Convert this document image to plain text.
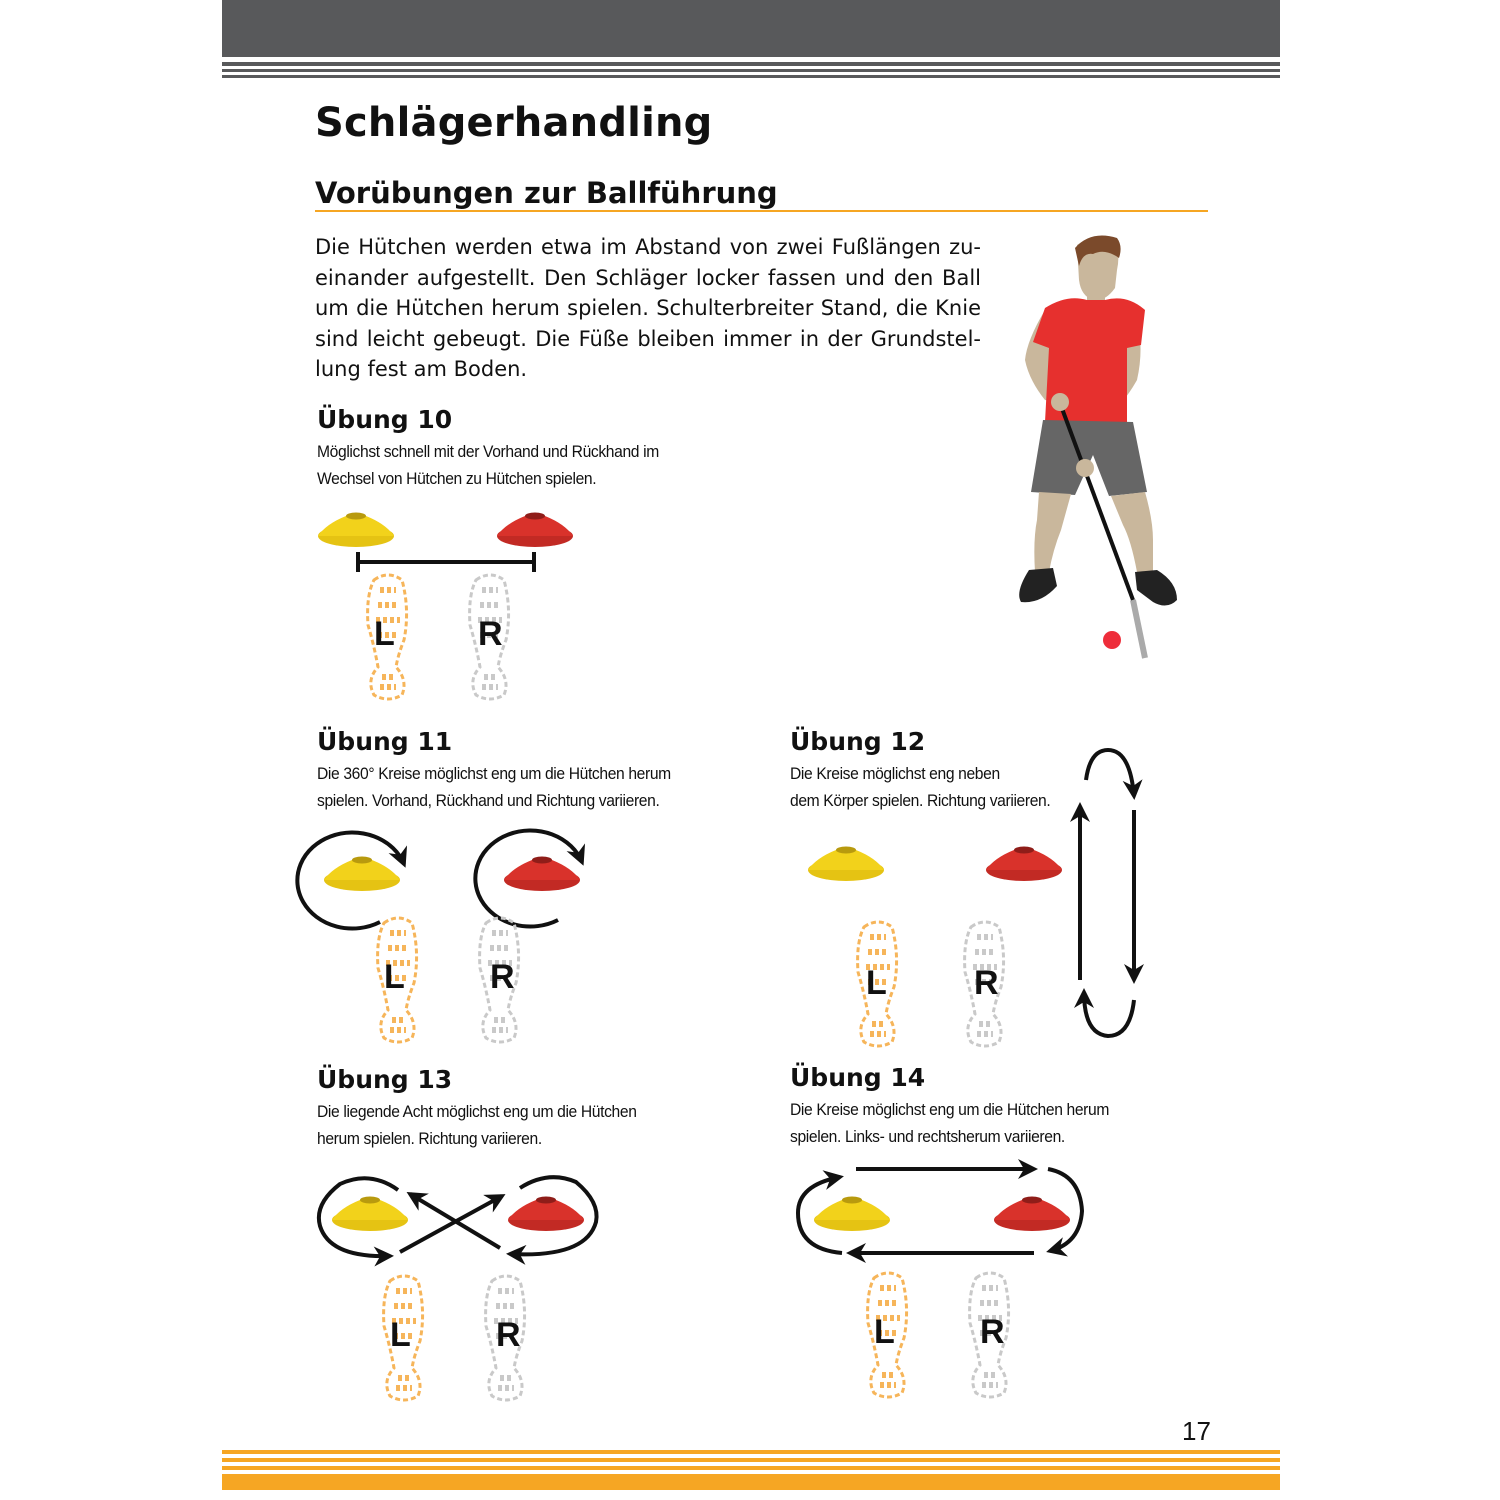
Schlägerhandling
Vorübungen zur Ballführung

Die Hütchen werden etwa im Abstand von zwei Fußlängen zu-einander aufgestellt. Den Schläger locker fassen und den Ball um die Hütchen herum spielen. Schulterbreiter Stand, die Knie sind leicht gebeugt. Die Füße bleiben immer in der Grundstel-lung fest am Boden.

Übung 10
Möglichst schnell mit der Vorhand und Rückhand im
Wechsel von Hütchen zu Hütchen spielen.
Übung 11
Die 360° Kreise möglichst eng um die Hütchen herum
spielen. Vorhand, Rückhand und Richtung variieren.
Übung 12
Die Kreise möglichst eng neben
dem Körper spielen. Richtung variieren.
Übung 13
Die liegende Acht möglichst eng um die Hütchen
herum spielen. Richtung variieren.
Übung 14
Die Kreise möglichst eng um die Hütchen herum
spielen. Links- und rechtsherum variieren.
17
L R
L	R	L	R
L	R	L	R
